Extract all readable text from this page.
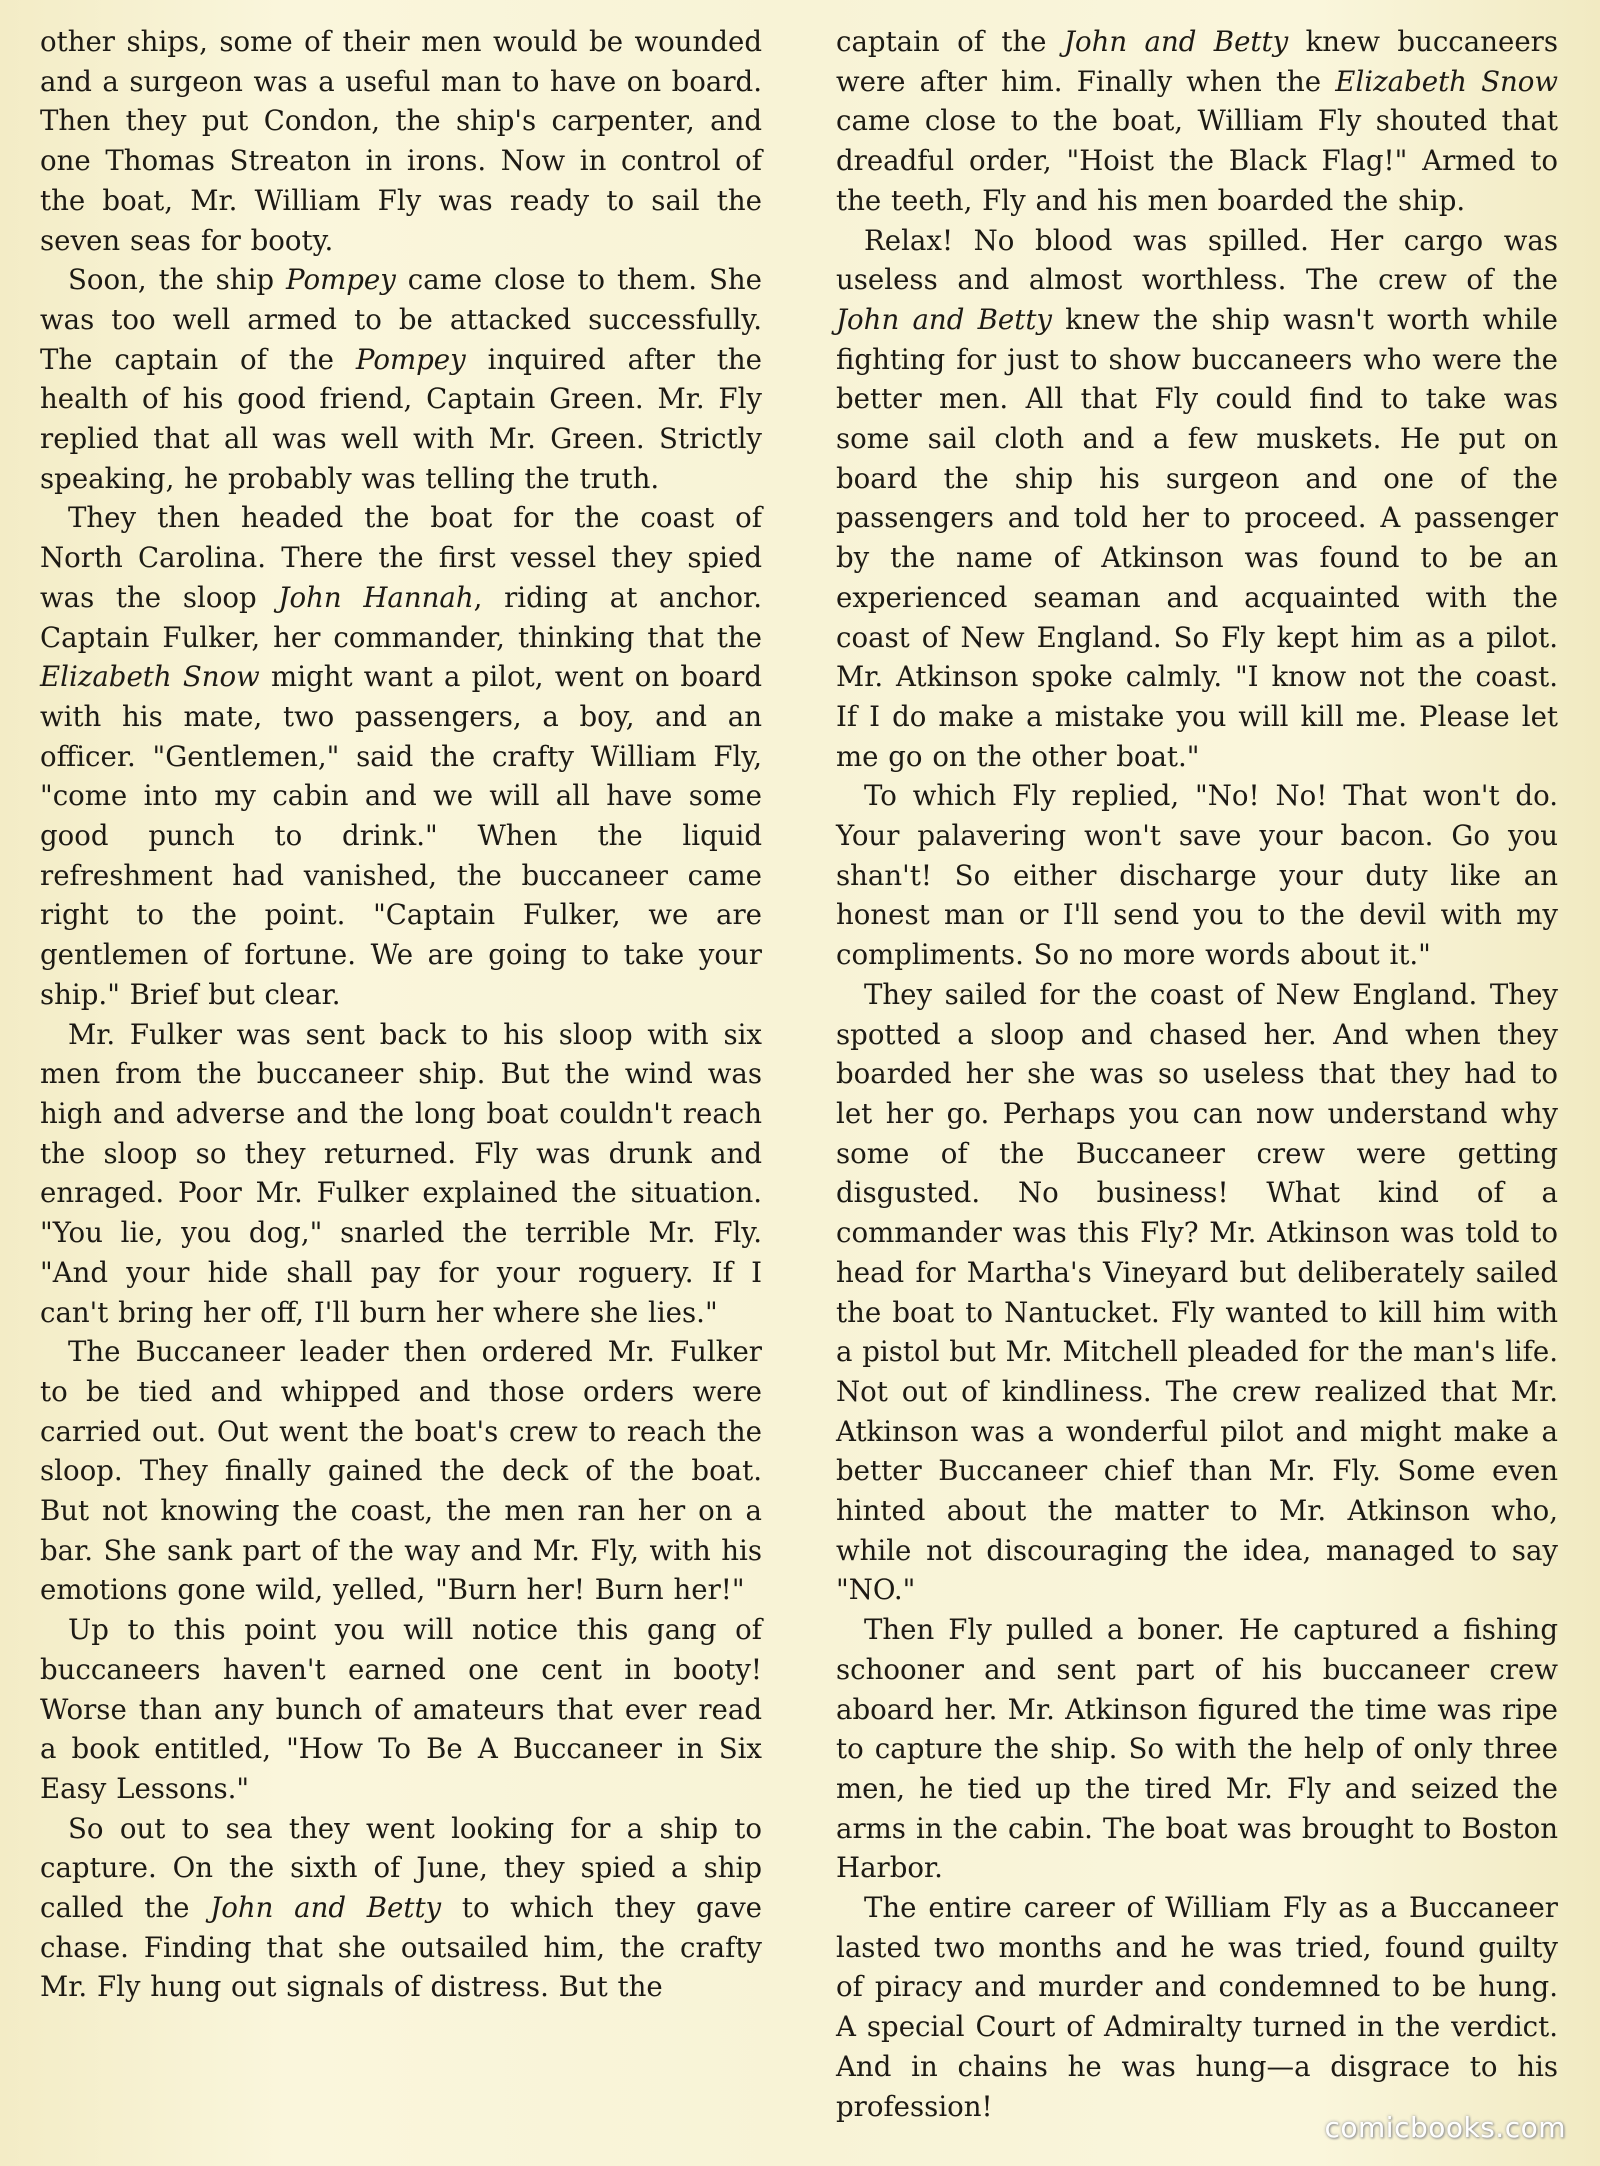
other ships, some of their men would be wounded and a surgeon was a useful man to have on board. Then they put Condon, the ship's carpenter, and one Thomas Streaton in irons. Now in control of the boat, Mr. William Fly was ready to sail the seven seas for booty.

Soon, the ship Pompey came close to them. She was too well armed to be attacked successfully. The captain of the Pompey inquired after the health of his good friend, Captain Green. Mr. Fly replied that all was well with Mr. Green. Strictly speaking, he probably was telling the truth.

They then headed the boat for the coast of North Carolina. There the first vessel they spied was the sloop John Hannah, riding at anchor. Captain Fulker, her commander, thinking that the Elizabeth Snow might want a pilot, went on board with his mate, two passengers, a boy, and an officer. "Gentlemen," said the crafty William Fly, "come into my cabin and we will all have some good punch to drink." When the liquid refreshment had vanished, the buccaneer came right to the point. "Captain Fulker, we are gentlemen of fortune. We are going to take your ship." Brief but clear.

Mr. Fulker was sent back to his sloop with six men from the buccaneer ship. But the wind was high and adverse and the long boat couldn't reach the sloop so they returned. Fly was drunk and enraged. Poor Mr. Fulker explained the situation. "You lie, you dog," snarled the terrible Mr. Fly. "And your hide shall pay for your roguery. If I can't bring her off, I'll burn her where she lies."

The Buccaneer leader then ordered Mr. Fulker to be tied and whipped and those orders were carried out. Out went the boat's crew to reach the sloop. They finally gained the deck of the boat. But not knowing the coast, the men ran her on a bar. She sank part of the way and Mr. Fly, with his emotions gone wild, yelled, "Burn her! Burn her!"

Up to this point you will notice this gang of buccaneers haven't earned one cent in booty! Worse than any bunch of amateurs that ever read a book entitled, "How To Be A Buccaneer in Six Easy Lessons."

So out to sea they went looking for a ship to capture. On the sixth of June, they spied a ship called the John and Betty to which they gave chase. Finding that she outsailed him, the crafty Mr. Fly hung out signals of distress. But the

captain of the John and Betty knew buccaneers were after him. Finally when the Elizabeth Snow came close to the boat, William Fly shouted that dreadful order, "Hoist the Black Flag!" Armed to the teeth, Fly and his men boarded the ship.

Relax! No blood was spilled. Her cargo was useless and almost worthless. The crew of the John and Betty knew the ship wasn't worth while fighting for just to show buccaneers who were the better men. All that Fly could find to take was some sail cloth and a few muskets. He put on board the ship his surgeon and one of the passengers and told her to proceed. A passenger by the name of Atkinson was found to be an experienced seaman and acquainted with the coast of New England. So Fly kept him as a pilot. Mr. Atkinson spoke calmly. "I know not the coast. If I do make a mistake you will kill me. Please let me go on the other boat."

To which Fly replied, "No! No! That won't do. Your palavering won't save your bacon. Go you shan't! So either discharge your duty like an honest man or I'll send you to the devil with my compliments. So no more words about it."

They sailed for the coast of New England. They spotted a sloop and chased her. And when they boarded her she was so useless that they had to let her go. Perhaps you can now understand why some of the Buccaneer crew were getting disgusted. No business! What kind of a commander was this Fly? Mr. Atkinson was told to head for Martha's Vineyard but deliberately sailed the boat to Nantucket. Fly wanted to kill him with a pistol but Mr. Mitchell pleaded for the man's life. Not out of kindliness. The crew realized that Mr. Atkinson was a wonderful pilot and might make a better Buccaneer chief than Mr. Fly. Some even hinted about the matter to Mr. Atkinson who, while not discouraging the idea, managed to say "NO."

Then Fly pulled a boner. He captured a fishing schooner and sent part of his buccaneer crew aboard her. Mr. Atkinson figured the time was ripe to capture the ship. So with the help of only three men, he tied up the tired Mr. Fly and seized the arms in the cabin. The boat was brought to Boston Harbor.

The entire career of William Fly as a Buccaneer lasted two months and he was tried, found guilty of piracy and murder and condemned to be hung. A special Court of Admiralty turned in the verdict. And in chains he was hung—a disgrace to his profession!

comicbooks.com
